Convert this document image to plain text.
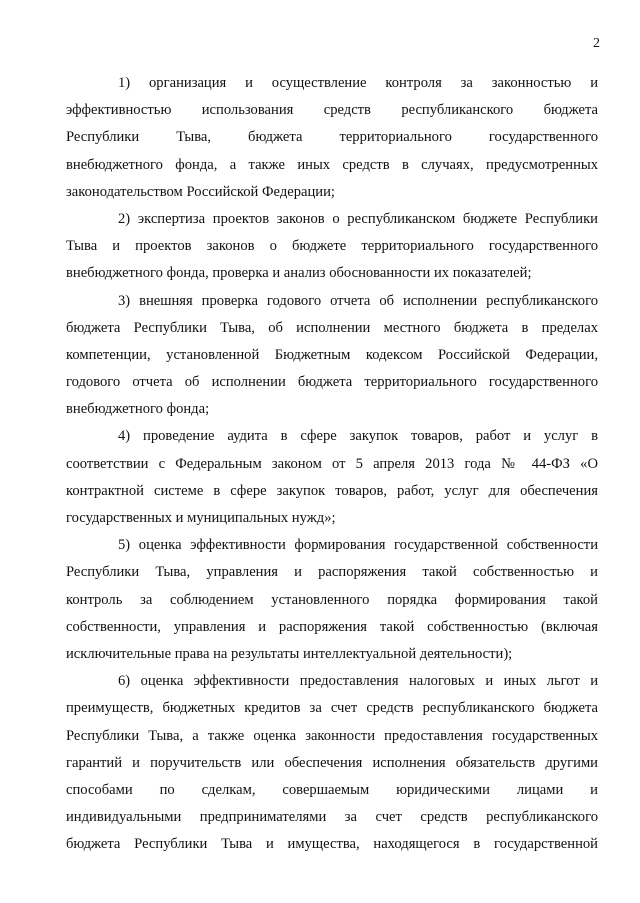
2
1) организация и осуществление контроля за законностью и
эффективностью использования средств республиканского бюджета
Республики Тыва, бюджета территориального государственного
внебюджетного фонда, а также иных средств в случаях, предусмотренных
законодательством Российской Федерации;
2) экспертиза проектов законов о республиканском бюджете Республики
Тыва и проектов законов о бюджете территориального государственного
внебюджетного фонда, проверка и анализ обоснованности их показателей;
3) внешняя проверка годового отчета об исполнении республиканского
бюджета Республики Тыва, об исполнении местного бюджета в пределах
компетенции, установленной Бюджетным кодексом Российской Федерации,
годового отчета об исполнении бюджета территориального государственного
внебюджетного фонда;
4) проведение аудита в сфере закупок товаров, работ и услуг в
соответствии с Федеральным законом от 5 апреля 2013 года № 44-ФЗ «О
контрактной системе в сфере закупок товаров, работ, услуг для обеспечения
государственных и муниципальных нужд»;
5) оценка эффективности формирования государственной собственности
Республики Тыва, управления и распоряжения такой собственностью и
контроль за соблюдением установленного порядка формирования такой
собственности, управления и распоряжения такой собственностью (включая
исключительные права на результаты интеллектуальной деятельности);
6) оценка эффективности предоставления налоговых и иных льгот и
преимуществ, бюджетных кредитов за счет средств республиканского бюджета
Республики Тыва, а также оценка законности предоставления государственных
гарантий и поручительств или обеспечения исполнения обязательств другими
способами по сделкам, совершаемым юридическими лицами и
индивидуальными предпринимателями за счет средств республиканского
бюджета Республики Тыва и имущества, находящегося в государственной
